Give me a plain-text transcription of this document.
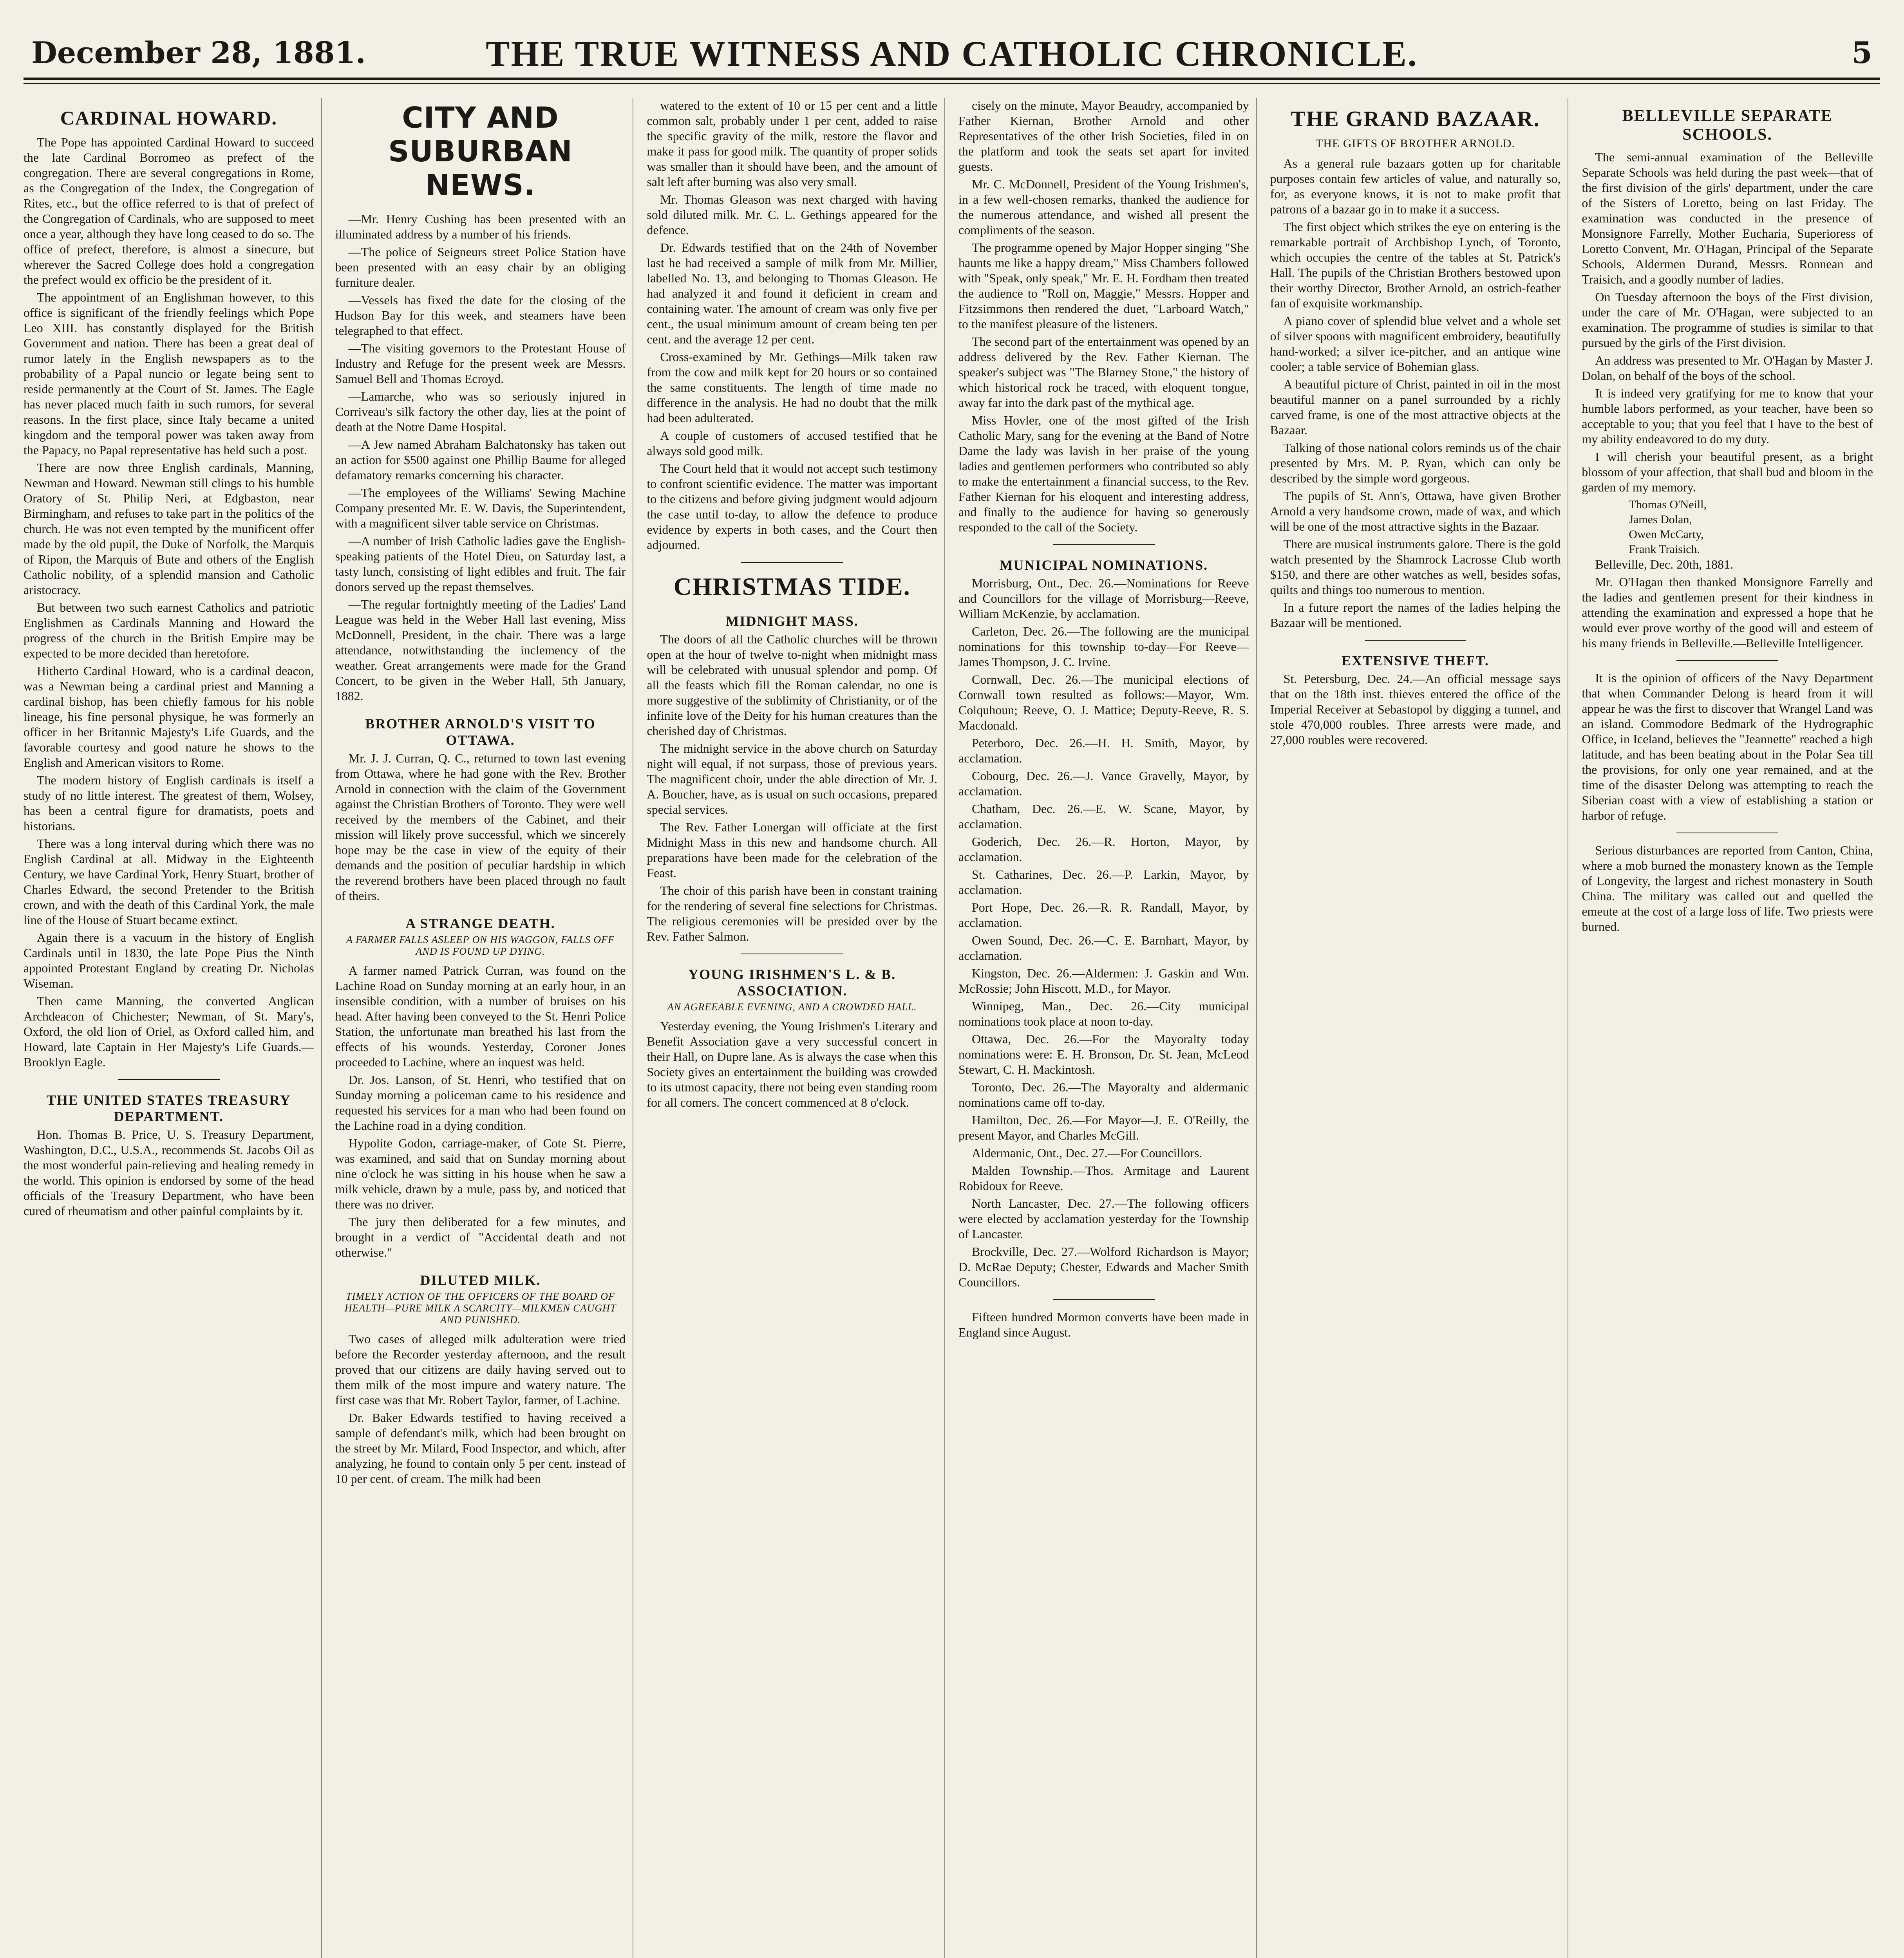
December 28, 1881.	THE TRUE WITNESS AND CATHOLIC CHRONICLE.	5
CARDINAL HOWARD.

The Pope has appointed Cardinal Howard to succeed the late Cardinal Borromeo as prefect of the congregation. There are several congregations in Rome, as the Congregation of the Index, the Congregation of Rites, etc., but the office referred to is that of prefect of the Congregation of Cardinals, who are supposed to meet once a year, although they have long ceased to do so. The office of prefect, therefore, is almost a sinecure, but wherever the Sacred College does hold a congregation the prefect would ex officio be the president of it.

The appointment of an Englishman however, to this office is significant of the friendly feelings which Pope Leo XIII. has constantly displayed for the British Government and nation. There has been a great deal of rumor lately in the English newspapers as to the probability of a Papal nuncio or legate being sent to reside permanently at the Court of St. James. The Eagle has never placed much faith in such rumors, for several reasons. In the first place, since Italy became a united kingdom and the temporal power was taken away from the Papacy, no Papal representative has held such a post.

There are now three English cardinals, Manning, Newman and Howard. Newman still clings to his humble Oratory of St. Philip Neri, at Edgbaston, near Birmingham, and refuses to take part in the politics of the church. He was not even tempted by the munificent offer made by the old pupil, the Duke of Norfolk, the Marquis of Ripon, the Marquis of Bute and others of the English Catholic nobility, of a splendid mansion and Catholic aristocracy.

But between two such earnest Catholics and patriotic Englishmen as Cardinals Manning and Howard the progress of the church in the British Empire may be expected to be more decided than heretofore.

Hitherto Cardinal Howard, who is a cardinal deacon, was a Newman being a cardinal priest and Manning a cardinal bishop, has been chiefly famous for his noble lineage, his fine personal physique, he was formerly an officer in her Britannic Majesty's Life Guards, and the favorable courtesy and good nature he shows to the English and American visitors to Rome.

The modern history of English cardinals is itself a study of no little interest. The greatest of them, Wolsey, has been a central figure for dramatists, poets and historians.

There was a long interval during which there was no English Cardinal at all. Midway in the Eighteenth Century, we have Cardinal York, Henry Stuart, brother of Charles Edward, the second Pretender to the British crown, and with the death of this Cardinal York, the male line of the House of Stuart became extinct.

Again there is a vacuum in the history of English Cardinals until in 1830, the late Pope Pius the Ninth appointed Protestant England by creating Dr. Nicholas Wiseman.

Then came Manning, the converted Anglican Archdeacon of Chichester; Newman, of St. Mary's, Oxford, the old lion of Oriel, as Oxford called him, and Howard, late Captain in Her Majesty's Life Guards.—Brooklyn Eagle.

THE UNITED STATES TREASURY DEPARTMENT.

Hon. Thomas B. Price, U. S. Treasury Department, Washington, D.C., U.S.A., recommends St. Jacobs Oil as the most wonderful pain-relieving and healing remedy in the world. This opinion is endorsed by some of the head officials of the Treasury Department, who have been cured of rheumatism and other painful complaints by it.

CITY AND SUBURBAN NEWS.

—Mr. Henry Cushing has been presented with an illuminated address by a number of his friends.

—The police of Seigneurs street Police Station have been presented with an easy chair by an obliging furniture dealer.

—Vessels has fixed the date for the closing of the Hudson Bay for this week, and steamers have been telegraphed to that effect.

—The visiting governors to the Protestant House of Industry and Refuge for the present week are Messrs. Samuel Bell and Thomas Ecroyd.

—Lamarche, who was so seriously injured in Corriveau's silk factory the other day, lies at the point of death at the Notre Dame Hospital.

—A Jew named Abraham Balchatonsky has taken out an action for $500 against one Phillip Baume for alleged defamatory remarks concerning his character.

—The employees of the Williams' Sewing Machine Company presented Mr. E. W. Davis, the Superintendent, with a magnificent silver table service on Christmas.

—A number of Irish Catholic ladies gave the English-speaking patients of the Hotel Dieu, on Saturday last, a tasty lunch, consisting of light edibles and fruit. The fair donors served up the repast themselves.

—The regular fortnightly meeting of the Ladies' Land League was held in the Weber Hall last evening, Miss McDonnell, President, in the chair. There was a large attendance, notwithstanding the inclemency of the weather. Great arrangements were made for the Grand Concert, to be given in the Weber Hall, 5th January, 1882.

BROTHER ARNOLD'S VISIT TO OTTAWA.

Mr. J. J. Curran, Q. C., returned to town last evening from Ottawa, where he had gone with the Rev. Brother Arnold in connection with the claim of the Government against the Christian Brothers of Toronto. They were well received by the members of the Cabinet, and their mission will likely prove successful, which we sincerely hope may be the case in view of the equity of their demands and the position of peculiar hardship in which the reverend brothers have been placed through no fault of theirs.

A STRANGE DEATH.
A FARMER FALLS ASLEEP ON HIS WAGGON, FALLS OFF AND IS FOUND UP DYING.

A farmer named Patrick Curran, was found on the Lachine Road on Sunday morning at an early hour, in an insensible condition, with a number of bruises on his head. After having been conveyed to the St. Henri Police Station, the unfortunate man breathed his last from the effects of his wounds. Yesterday, Coroner Jones proceeded to Lachine, where an inquest was held.

Dr. Jos. Lanson, of St. Henri, who testified that on Sunday morning a policeman came to his residence and requested his services for a man who had been found on the Lachine road in a dying condition.

Hypolite Godon, carriage-maker, of Cote St. Pierre, was examined, and said that on Sunday morning about nine o'clock he was sitting in his house when he saw a milk vehicle, drawn by a mule, pass by, and noticed that there was no driver.

The jury then deliberated for a few minutes, and brought in a verdict of "Accidental death and not otherwise."

DILUTED MILK.
TIMELY ACTION OF THE OFFICERS OF THE BOARD OF HEALTH—PURE MILK A SCARCITY—MILKMEN CAUGHT AND PUNISHED.

Two cases of alleged milk adulteration were tried before the Recorder yesterday afternoon, and the result proved that our citizens are daily having served out to them milk of the most impure and watery nature. The first case was that Mr. Robert Taylor, farmer, of Lachine.

Dr. Baker Edwards testified to having received a sample of defendant's milk, which had been brought on the street by Mr. Milard, Food Inspector, and which, after analyzing, he found to contain only 5 per cent. instead of 10 per cent. of cream. The milk had been

watered to the extent of 10 or 15 per cent and a little common salt, probably under 1 per cent, added to raise the specific gravity of the milk, restore the flavor and make it pass for good milk. The quantity of proper solids was smaller than it should have been, and the amount of salt left after burning was also very small.

Mr. Thomas Gleason was next charged with having sold diluted milk. Mr. C. L. Gethings appeared for the defence.

Dr. Edwards testified that on the 24th of November last he had received a sample of milk from Mr. Millier, labelled No. 13, and belonging to Thomas Gleason. He had analyzed it and found it deficient in cream and containing water. The amount of cream was only five per cent., the usual minimum amount of cream being ten per cent. and the average 12 per cent.

Cross-examined by Mr. Gethings—Milk taken raw from the cow and milk kept for 20 hours or so contained the same constituents. The length of time made no difference in the analysis. He had no doubt that the milk had been adulterated.

A couple of customers of accused testified that he always sold good milk.

The Court held that it would not accept such testimony to confront scientific evidence. The matter was important to the citizens and before giving judgment would adjourn the case until to-day, to allow the defence to produce evidence by experts in both cases, and the Court then adjourned.

CHRISTMAS TIDE.
MIDNIGHT MASS.

The doors of all the Catholic churches will be thrown open at the hour of twelve to-night when midnight mass will be celebrated with unusual splendor and pomp. Of all the feasts which fill the Roman calendar, no one is more suggestive of the sublimity of Christianity, or of the infinite love of the Deity for his human creatures than the cherished day of Christmas.

The midnight service in the above church on Saturday night will equal, if not surpass, those of previous years. The magnificent choir, under the able direction of Mr. J. A. Boucher, have, as is usual on such occasions, prepared special services.

The Rev. Father Lonergan will officiate at the first Midnight Mass in this new and handsome church. All preparations have been made for the celebration of the Feast.

The choir of this parish have been in constant training for the rendering of several fine selections for Christmas. The religious ceremonies will be presided over by the Rev. Father Salmon.

YOUNG IRISHMEN'S L. & B. ASSOCIATION.
AN AGREEABLE EVENING, AND A CROWDED HALL.

Yesterday evening, the Young Irishmen's Literary and Benefit Association gave a very successful concert in their Hall, on Dupre lane. As is always the case when this Society gives an entertainment the building was crowded to its utmost capacity, there not being even standing room for all comers. The concert commenced at 8 o'clock.

cisely on the minute, Mayor Beaudry, accompanied by Father Kiernan, Brother Arnold and other Representatives of the other Irish Societies, filed in on the platform and took the seats set apart for invited guests.

Mr. C. McDonnell, President of the Young Irishmen's, in a few well-chosen remarks, thanked the audience for the numerous attendance, and wished all present the compliments of the season.

The programme opened by Major Hopper singing "She haunts me like a happy dream," Miss Chambers followed with "Speak, only speak," Mr. E. H. Fordham then treated the audience to "Roll on, Maggie," Messrs. Hopper and Fitzsimmons then rendered the duet, "Larboard Watch," to the manifest pleasure of the listeners.

The second part of the entertainment was opened by an address delivered by the Rev. Father Kiernan. The speaker's subject was "The Blarney Stone," the history of which historical rock he traced, with eloquent tongue, away far into the dark past of the mythical age.

Miss Hovler, one of the most gifted of the Irish Catholic Mary, sang for the evening at the Band of Notre Dame the lady was lavish in her praise of the young ladies and gentlemen performers who contributed so ably to make the entertainment a financial success, to the Rev. Father Kiernan for his eloquent and interesting address, and finally to the audience for having so generously responded to the call of the Society.

MUNICIPAL NOMINATIONS.

Morrisburg, Ont., Dec. 26.—Nominations for Reeve and Councillors for the village of Morrisburg—Reeve, William McKenzie, by acclamation.

Carleton, Dec. 26.—The following are the municipal nominations for this township to-day—For Reeve—James Thompson, J. C. Irvine.

Cornwall, Dec. 26.—The municipal elections of Cornwall town resulted as follows:—Mayor, Wm. Colquhoun; Reeve, O. J. Mattice; Deputy-Reeve, R. S. Macdonald.

Peterboro, Dec. 26.—H. H. Smith, Mayor, by acclamation.

Cobourg, Dec. 26.—J. Vance Gravelly, Mayor, by acclamation.

Chatham, Dec. 26.—E. W. Scane, Mayor, by acclamation.

Goderich, Dec. 26.—R. Horton, Mayor, by acclamation.

St. Catharines, Dec. 26.—P. Larkin, Mayor, by acclamation.

Port Hope, Dec. 26.—R. R. Randall, Mayor, by acclamation.

Owen Sound, Dec. 26.—C. E. Barnhart, Mayor, by acclamation.

Kingston, Dec. 26.—Aldermen: J. Gaskin and Wm. McRossie; John Hiscott, M.D., for Mayor.

Winnipeg, Man., Dec. 26.—City municipal nominations took place at noon to-day.

Ottawa, Dec. 26.—For the Mayoralty today nominations were: E. H. Bronson, Dr. St. Jean, McLeod Stewart, C. H. Mackintosh.

Toronto, Dec. 26.—The Mayoralty and aldermanic nominations came off to-day.

Hamilton, Dec. 26.—For Mayor—J. E. O'Reilly, the present Mayor, and Charles McGill.

Aldermanic, Ont., Dec. 27.—For Councillors.

Malden Township.—Thos. Armitage and Laurent Robidoux for Reeve.

North Lancaster, Dec. 27.—The following officers were elected by acclamation yesterday for the Township of Lancaster.

Brockville, Dec. 27.—Wolford Richardson is Mayor; D. McRae Deputy; Chester, Edwards and Macher Smith Councillors.

Fifteen hundred Mormon converts have been made in England since August.

THE GRAND BAZAAR.
THE GIFTS OF BROTHER ARNOLD.

As a general rule bazaars gotten up for charitable purposes contain few articles of value, and naturally so, for, as everyone knows, it is not to make profit that patrons of a bazaar go in to make it a success.

The first object which strikes the eye on entering is the remarkable portrait of Archbishop Lynch, of Toronto, which occupies the centre of the tables at St. Patrick's Hall. The pupils of the Christian Brothers bestowed upon their worthy Director, Brother Arnold, an ostrich-feather fan of exquisite workmanship.

A piano cover of splendid blue velvet and a whole set of silver spoons with magnificent embroidery, beautifully hand-worked; a silver ice-pitcher, and an antique wine cooler; a table service of Bohemian glass.

A beautiful picture of Christ, painted in oil in the most beautiful manner on a panel surrounded by a richly carved frame, is one of the most attractive objects at the Bazaar.

Talking of those national colors reminds us of the chair presented by Mrs. M. P. Ryan, which can only be described by the simple word gorgeous.

The pupils of St. Ann's, Ottawa, have given Brother Arnold a very handsome crown, made of wax, and which will be one of the most attractive sights in the Bazaar.

There are musical instruments galore. There is the gold watch presented by the Shamrock Lacrosse Club worth $150, and there are other watches as well, besides sofas, quilts and things too numerous to mention.

In a future report the names of the ladies helping the Bazaar will be mentioned.

EXTENSIVE THEFT.

St. Petersburg, Dec. 24.—An official message says that on the 18th inst. thieves entered the office of the Imperial Receiver at Sebastopol by digging a tunnel, and stole 470,000 roubles. Three arrests were made, and 27,000 roubles were recovered.

BELLEVILLE SEPARATE SCHOOLS.

The semi-annual examination of the Belleville Separate Schools was held during the past week—that of the first division of the girls' department, under the care of the Sisters of Loretto, being on last Friday. The examination was conducted in the presence of Monsignore Farrelly, Mother Eucharia, Superioress of Loretto Convent, Mr. O'Hagan, Principal of the Separate Schools, Aldermen Durand, Messrs. Ronnean and Traisich, and a goodly number of ladies.

On Tuesday afternoon the boys of the First division, under the care of Mr. O'Hagan, were subjected to an examination. The programme of studies is similar to that pursued by the girls of the First division.

An address was presented to Mr. O'Hagan by Master J. Dolan, on behalf of the boys of the school.

It is indeed very gratifying for me to know that your humble labors performed, as your teacher, have been so acceptable to you; that you feel that I have to the best of my ability endeavored to do my duty.

I will cherish your beautiful present, as a bright blossom of your affection, that shall bud and bloom in the garden of my memory.

Thomas O'Neill,
James Dolan,
Owen McCarty,
Frank Traisich.

Belleville, Dec. 20th, 1881.

Mr. O'Hagan then thanked Monsignore Farrelly and the ladies and gentlemen present for their kindness in attending the examination and expressed a hope that he would ever prove worthy of the good will and esteem of his many friends in Belleville.—Belleville Intelligencer.

It is the opinion of officers of the Navy Department that when Commander Delong is heard from it will appear he was the first to discover that Wrangel Land was an island. Commodore Bedmark of the Hydrographic Office, in Iceland, believes the "Jeannette" reached a high latitude, and has been beating about in the Polar Sea till the provisions, for only one year remained, and at the time of the disaster Delong was attempting to reach the Siberian coast with a view of establishing a station or harbor of refuge.

Serious disturbances are reported from Canton, China, where a mob burned the monastery known as the Temple of Longevity, the largest and richest monastery in South China. The military was called out and quelled the emeute at the cost of a large loss of life. Two priests were burned.
